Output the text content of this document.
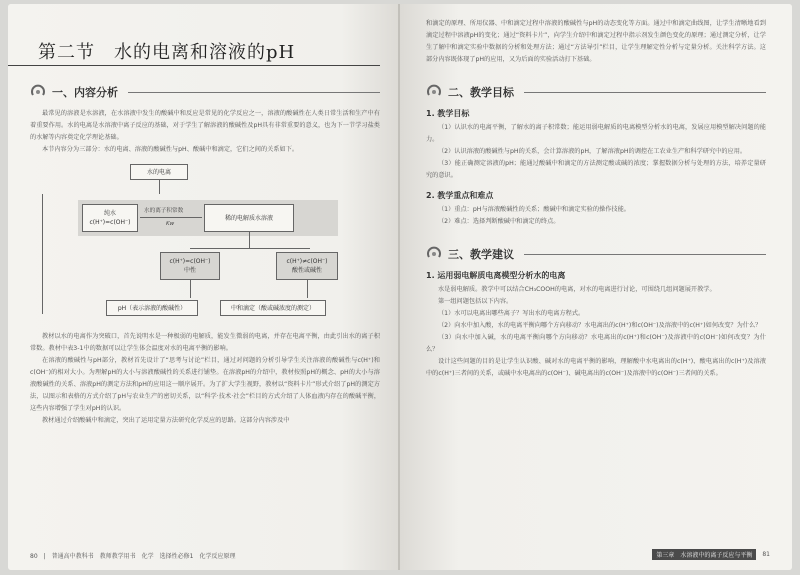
第二节　水的电离和溶液的pH
一、内容分析

最常见的溶液是水溶液，在水溶液中发生的酸碱中和反应是常见的化学反应之一，溶液的酸碱性在人类日常生活和生产中有着重要作用。水的电离是水溶液中离子反应的基础，对于学生了解溶液的酸碱性及pH具有非常重要的意义，也为下一节学习盐类的水解等内容奠定化学理论基础。

本节内容分为三部分：水的电离、溶液的酸碱性与pH、酸碱中和滴定，它们之间的关系如下。

水的电离
纯水
c(H⁺)=c(OH⁻)
水的离子积常数
Kw
稀的电解质水溶液
c(H⁺)=c(OH⁻)
中性
c(H⁺)≠c(OH⁻)
酸性或碱性
pH（表示溶液的酸碱性）	中和滴定（酸或碱浓度的测定）

教材以水的电离作为突破口，首先说明水是一种极弱的电解质，能发生微弱的电离，并存在电离平衡，由此引出水的离子积常数。教材中表3-1中的数据可以让学生体会温度对水的电离平衡的影响。

在溶液的酸碱性与pH部分，教材首先设计了“思考与讨论”栏目，通过对问题的分析引导学生关注溶液的酸碱性与c(H⁺)和c(OH⁻)的相对大小。为理解pH的大小与溶液酸碱性的关系进行铺垫。在溶液pH的介绍中，教材按照pH的概念、pH的大小与溶液酸碱性的关系、溶液pH的测定方法和pH的应用这一顺序展开。为了扩大学生视野，教材以“资料卡片”形式介绍了pH的测定方法，以图示和表格的方式介绍了pH与农业生产的密切关系，以“科学·技术·社会”栏目的方式介绍了人体血液内存在的酸碱平衡，这些内容增强了学生对pH的认识。

教材通过介绍酸碱中和滴定，突出了运用定量方法研究化学反应的思路。这部分内容涉及中

80　|　普通高中教科书　教师教学用书　化学　选择性必修1　化学反应原理

和滴定的原理、所用仪器、中和滴定过程中溶液的酸碱性与pH的动态变化等方面。通过中和滴定曲线图，让学生清晰地看到滴定过程中溶液pH的变化；通过“资料卡片”，向学生介绍中和滴定过程中指示剂发生颜色变化的原理；通过测定分析，让学生了解中和滴定实验中数据的分析和处理方法；通过“方法导引”栏目，让学生理解定性分析与定量分析。关注科学方法。这部分内容既体现了pH的应用，又为后面的实验活动打下基础。

二、教学目标
1. 教学目标

（1）认识水的电离平衡，了解水的离子积常数；能运用弱电解质的电离模型分析水的电离，发展应用模型解决问题的能力。

（2）认识溶液的酸碱性与pH的关系，会计算溶液的pH，了解溶液pH的调控在工农业生产和科学研究中的应用。

（3）能正确测定溶液的pH；能通过酸碱中和滴定的方法测定酸或碱的浓度；掌握数据分析与处理的方法，培养定量研究的意识。

2. 教学重点和难点

（1）重点：pH与溶液酸碱性的关系；酸碱中和滴定实验的操作技能。

（2）难点：选择判断酸碱中和滴定的终点。

三、教学建议
1. 运用弱电解质电离模型分析水的电离

水是弱电解质。教学中可以结合CH₃COOH的电离，对水的电离进行讨论，可围绕几组问题展开教学。

第一组问题包括以下内容。

（1）水可以电离出哪些离子？写出水的电离方程式。

（2）向水中加入酸，水的电离平衡向哪个方向移动？水电离出的c(H⁺)和c(OH⁻)及溶液中的c(H⁺)如何改变？为什么？

（3）向水中加入碱，水的电离平衡向哪个方向移动？水电离出的c(H⁺)和c(OH⁻)及溶液中的c(OH⁻)如何改变？为什么？

设计这些问题的目的是让学生认识酸、碱对水的电离平衡的影响，理解酸中水电离出的c(H⁺)、酸电离出的c(H⁺)及溶液中的c(H⁺)三者间的关系，或碱中水电离出的c(OH⁻)、碱电离出的c(OH⁻)及溶液中的c(OH⁻)三者间的关系。

第三章　水溶液中的离子反应与平衡	81
